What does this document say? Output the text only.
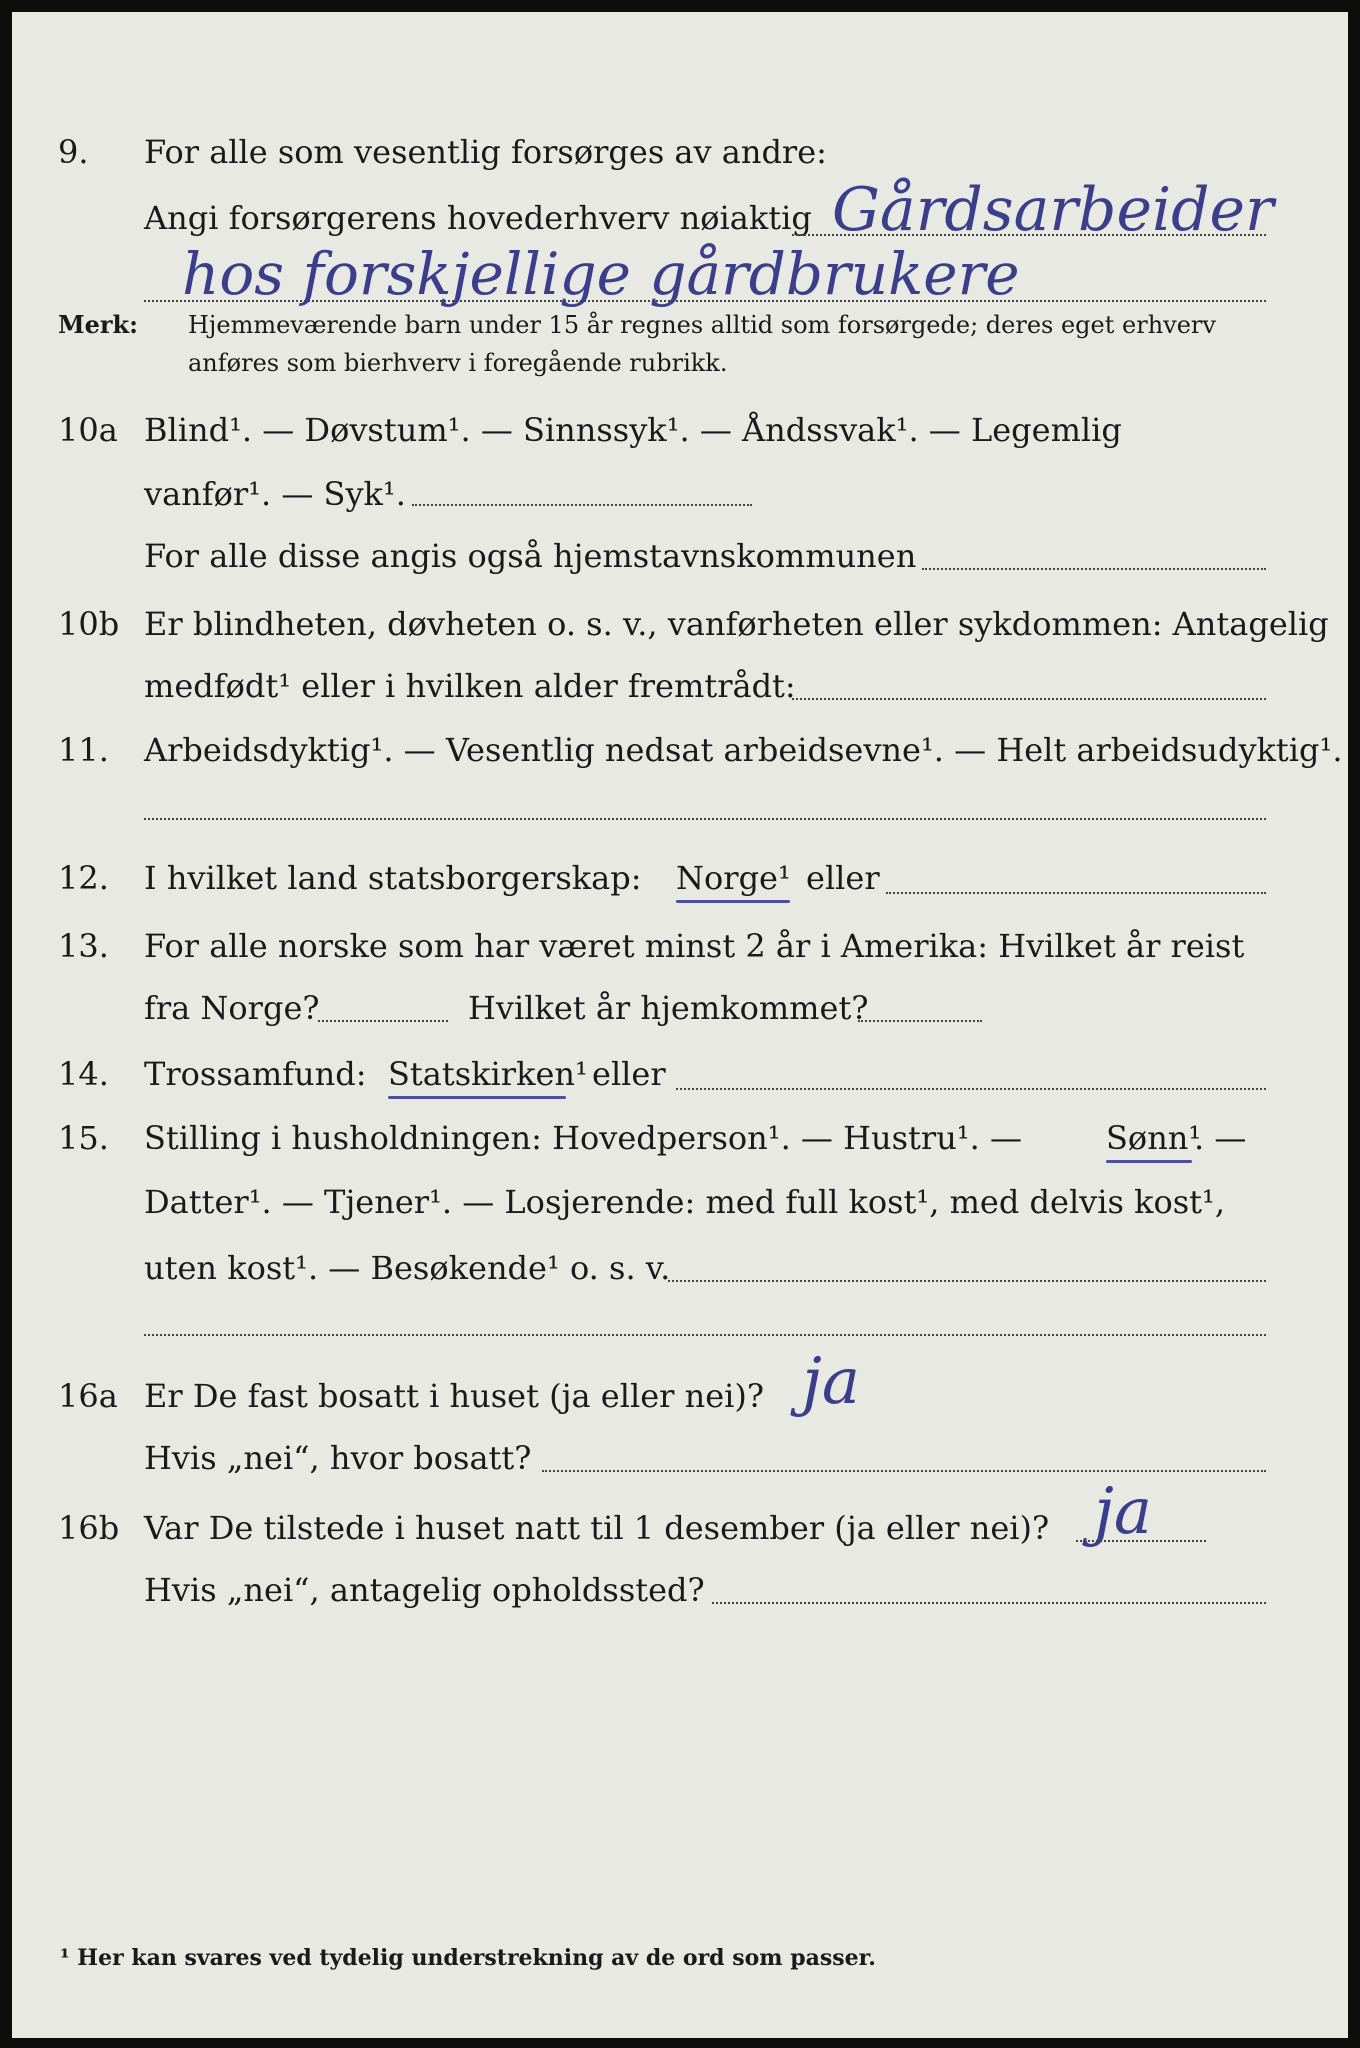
9. For alle som vesentlig forsørges av andre:
Angi forsørgerens hovederhverv nøiaktig Gårdsarbeider
hos forskjellige gårdbrukere
Merk: Hjemmeværende barn under 15 år regnes alltid som forsørgede; deres eget erhverv
anføres som bierhverv i foregående rubrikk.
10a Blind¹. — Døvstum¹. — Sinnssyk¹. — Åndssvak¹. — Legemlig
vanfør¹. — Syk¹.
For alle disse angis også hjemstavnskommunen
10b Er blindheten, døvheten o. s. v., vanførheten eller sykdommen: Antagelig
medfødt¹ eller i hvilken alder fremtrådt:
11. Arbeidsdyktig¹. — Vesentlig nedsat arbeidsevne¹. — Helt arbeidsudyktig¹.
12. I hvilket land statsborgerskap: Norge¹ eller
13. For alle norske som har været minst 2 år i Amerika: Hvilket år reist
fra Norge?	Hvilket år hjemkommet?
14. Trossamfund: Statskirken¹ eller
15. Stilling i husholdningen: Hovedperson¹. — Hustru¹. —	Sønn¹
. —
Datter¹. — Tjener¹. — Losjerende: med full kost¹, med delvis kost¹,
uten kost¹. — Besøkende¹ o. s. v.
16a Er De fast bosatt i huset (ja eller nei)? ja
Hvis „nei“, hvor bosatt?
16b Var De tilstede i huset natt til 1 desember (ja eller nei)? ja
Hvis „nei“, antagelig opholdssted?
¹ Her kan svares ved tydelig understrekning av de ord som passer.
